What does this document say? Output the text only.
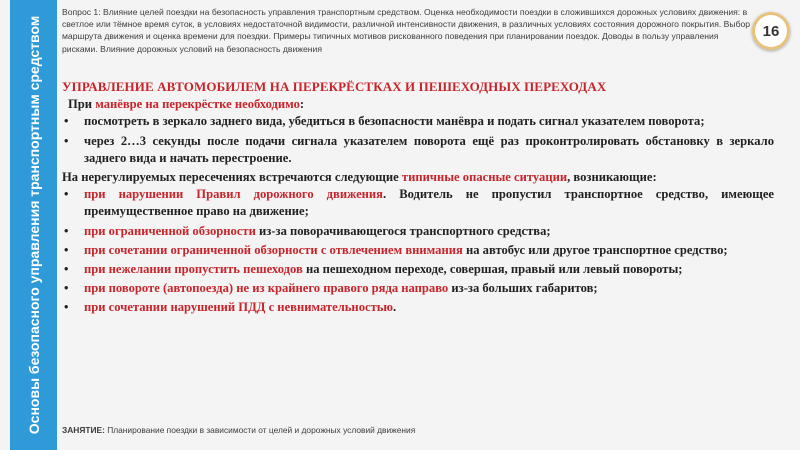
Основы безопасного управления транспортным средством
Вопрос 1: Влияние целей поездки на безопасность управления транспортным средством. Оценка необходимости поездки в сложившихся дорожных условиях движения: в светлое или тёмное время суток, в условиях недостаточной видимости, различной интенсивности движения, в различных условиях состояния дорожного покрытия. Выбор маршрута движения и оценка времени для поездки. Примеры типичных мотивов рискованного поведения при планировании поездок. Доводы в пользу управления рисками. Влияние дорожных условий на безопасность движения
16
УПРАВЛЕНИЕ АВТОМОБИЛЕМ НА ПЕРЕКРЁСТКАХ И ПЕШЕХОДНЫХ ПЕРЕХОДАХ

При манёвре на перекрёстке необходимо:

• посмотреть в зеркало заднего вида, убедиться в безопасности манёвра и подать сигнал указателем поворота;
• через 2…3 секунды после подачи сигнала указателем поворота ещё раз проконтролировать обстановку в зеркало заднего вида и начать перестроение.

На нерегулируемых пересечениях встречаются следующие типичные опасные ситуации, возникающие:

• при нарушении Правил дорожного движения. Водитель не пропустил транспортное средство, имеющее преимущественное право на движение;
• при ограниченной обзорности из-за поворачивающегося транспортного средства;
• при сочетании ограниченной обзорности с отвлечением внимания на автобус или другое транспортное средство;
• при нежелании пропустить пешеходов на пешеходном переходе, совершая, правый или левый повороты;
• при повороте (автопоезда) не из крайнего правого ряда направо из-за больших габаритов;
• при сочетании нарушений ПДД с невнимательностью.
ЗАНЯТИЕ: Планирование поездки в зависимости от целей и дорожных условий движения
